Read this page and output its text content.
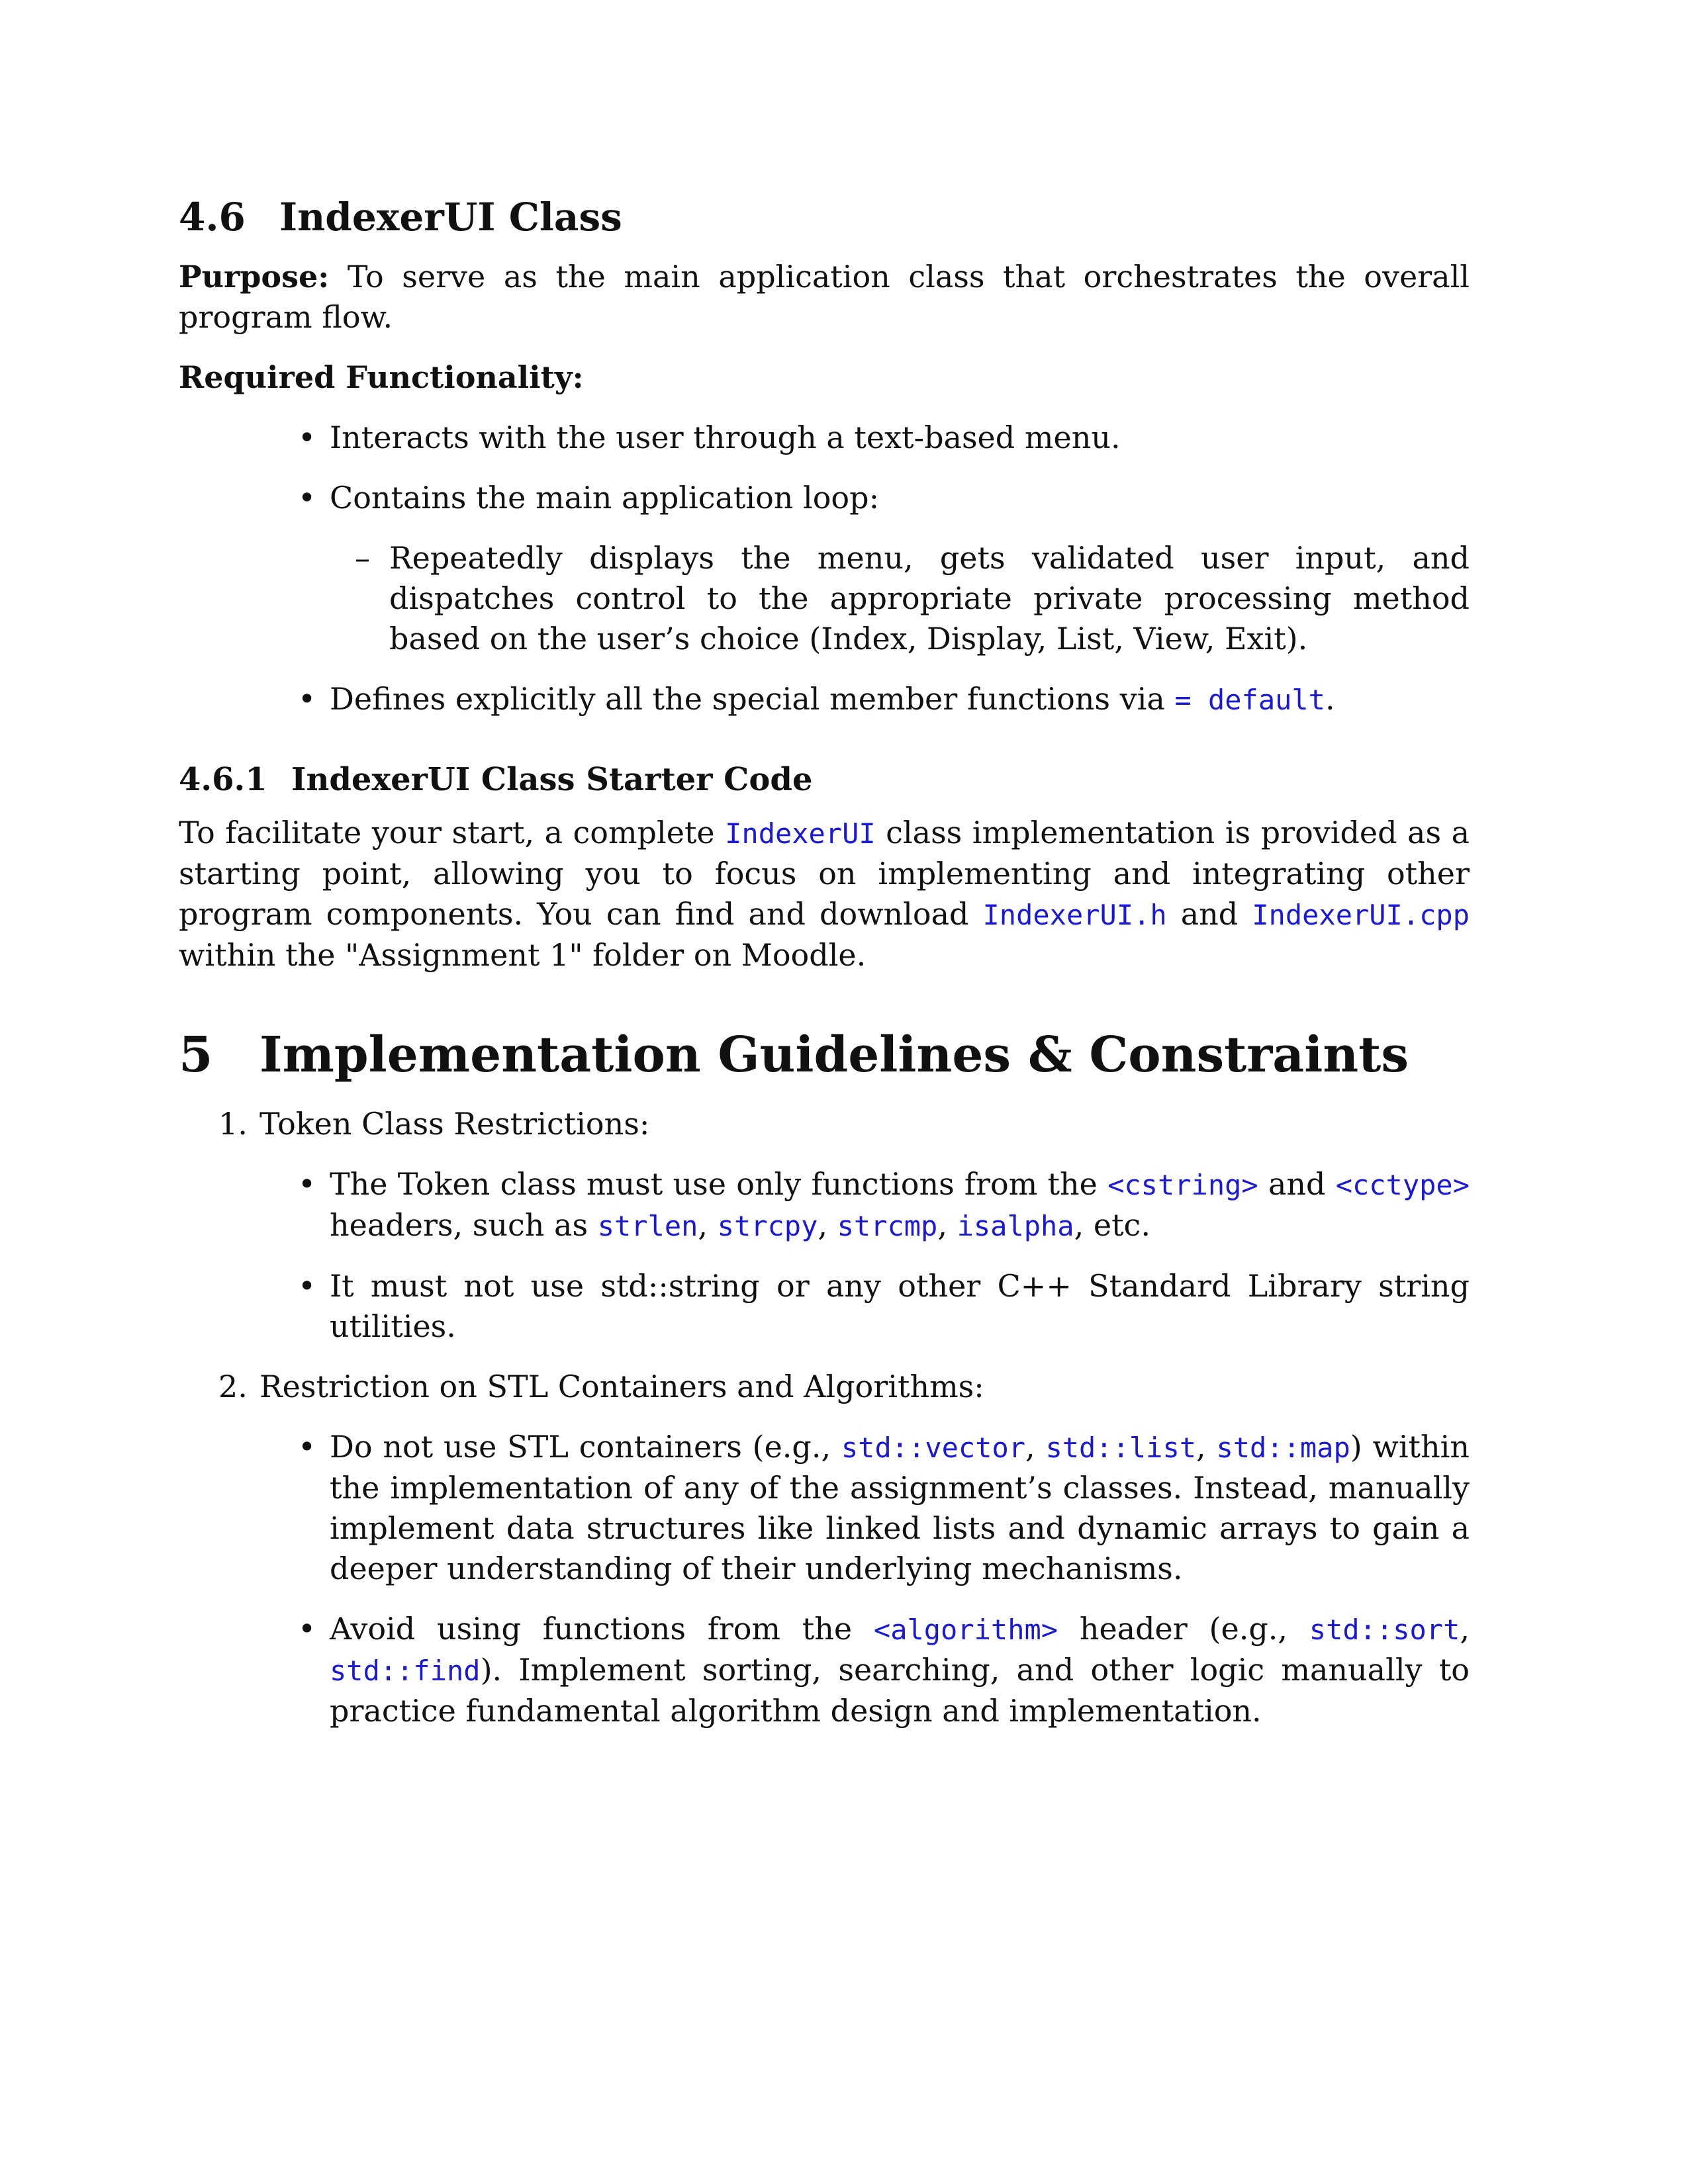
4.6 IndexerUI Class

Purpose: To serve as the main application class that orchestrates the overall program flow.

Required Functionality:

• Interacts with the user through a text-based menu.
• Contains the main application loop:
– Repeatedly displays the menu, gets validated user input, and dispatches control to the appropriate private processing method based on the user’s choice (Index, Display, List, View, Exit).
• Defines explicitly all the special member functions via = default.
4.6.1 IndexerUI Class Starter Code

To facilitate your start, a complete IndexerUI class implementation is provided as a starting point, allowing you to focus on implementing and integrating other program components. You can find and download IndexerUI.h and IndexerUI.cpp within the "Assignment 1" folder on Moodle.

5 Implementation Guidelines & Constraints
1. Token Class Restrictions:
• The Token class must use only functions from the <cstring> and <cctype> headers, such as strlen, strcpy, strcmp, isalpha, etc.
• It must not use std::string or any other C++ Standard Library string utilities.
2. Restriction on STL Containers and Algorithms:
• Do not use STL containers (e.g., std::vector, std::list, std::map) within the implementation of any of the assignment’s classes. Instead, manually implement data structures like linked lists and dynamic arrays to gain a deeper understanding of their underlying mechanisms.
• Avoid using functions from the <algorithm> header (e.g., std::sort, std::find). Implement sorting, searching, and other logic manually to practice fundamental algorithm design and implementation.
